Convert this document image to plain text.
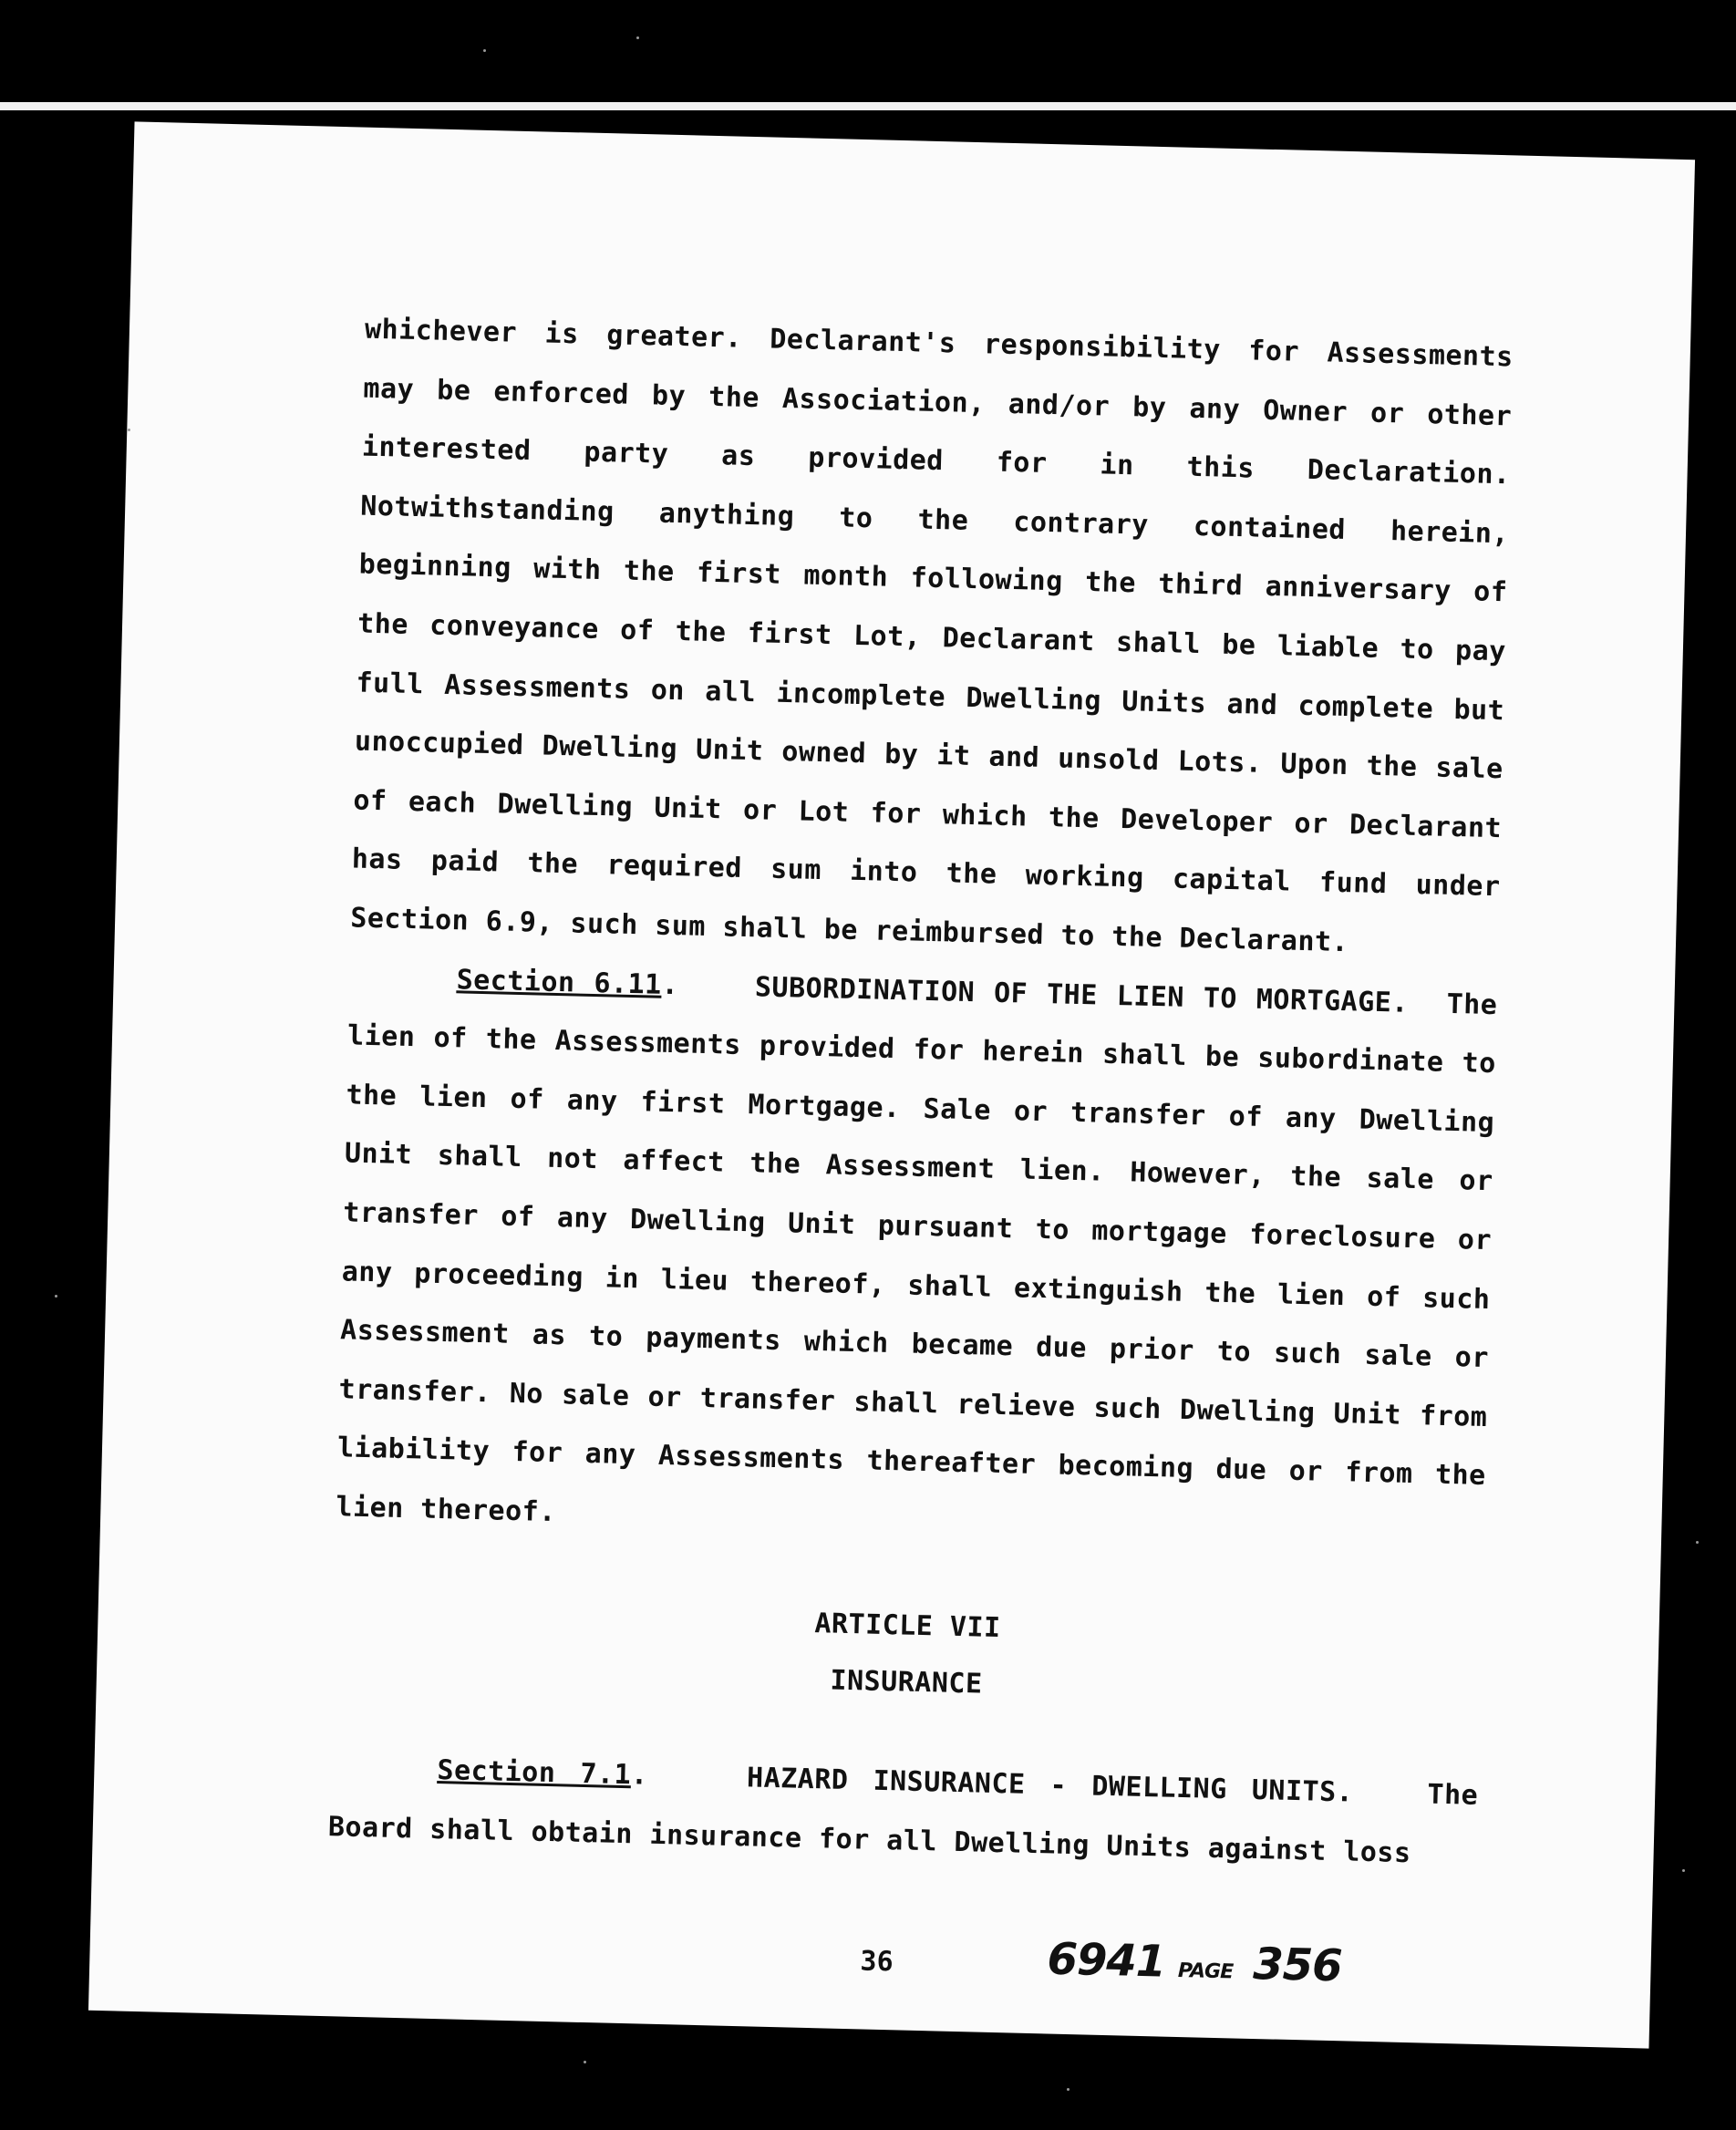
whichever is greater. Declarant's responsibility for Assessments may be enforced by the Association, and/or by any Owner or other interested party as provided for in this Declaration. Notwithstanding anything to the contrary contained herein, beginning with the first month following the third anniversary of the conveyance of the first Lot, Declarant shall be liable to pay full Assessments on all incomplete Dwelling Units and complete but unoccupied Dwelling Unit owned by it and unsold Lots. Upon the sale of each Dwelling Unit or Lot for which the Developer or Declarant has paid the required sum into the working capital fund under Section 6.9, such sum shall be reimbursed to the Declarant.

Section 6.11.    SUBORDINATION OF THE LIEN TO MORTGAGE. The lien of the Assessments provided for herein shall be subordinate to the lien of any first Mortgage. Sale or transfer of any Dwelling Unit shall not affect the Assessment lien. However, the sale or transfer of any Dwelling Unit pursuant to mortgage foreclosure or any proceeding in lieu thereof, shall extinguish the lien of such Assessment as to payments which became due prior to such sale or transfer. No sale or transfer shall relieve such Dwelling Unit from liability for any Assessments thereafter becoming due or from the lien thereof.

ARTICLE VII
INSURANCE

Section 7.1.    HAZARD INSURANCE - DWELLING UNITS.	The Board shall obtain insurance for all Dwelling Units against loss

36	6941 PAGE 356
